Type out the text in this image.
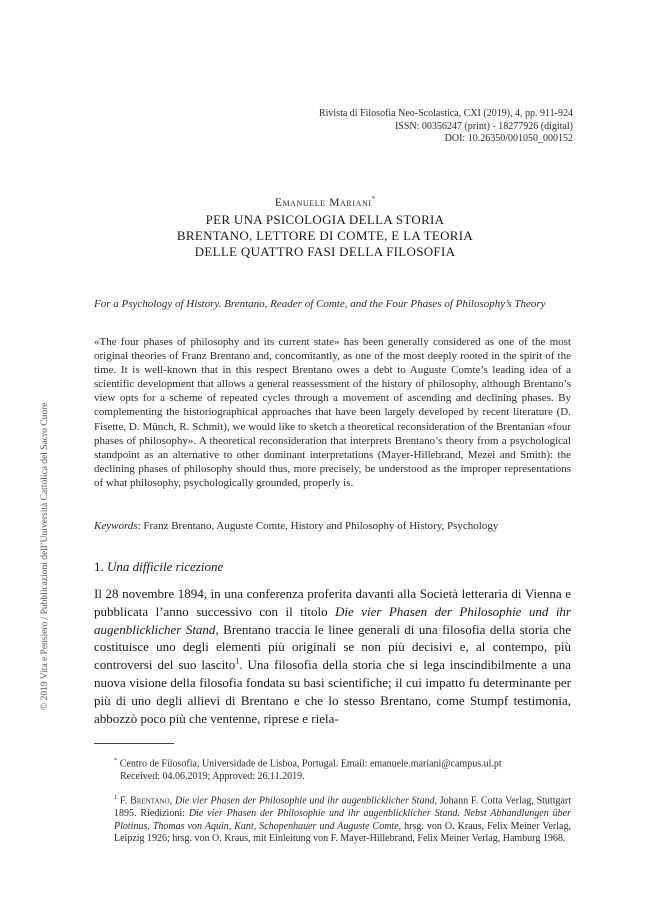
Rivista di Filosofia Neo-Scolastica, CXI (2019), 4, pp. 911-924
ISSN: 00356247 (print) - 18277926 (digital)
DOI: 10.26350/001050_000152
Emanuele Mariani*
PER UNA PSICOLOGIA DELLA STORIA
BRENTANO, LETTORE DI COMTE, E LA TEORIA
DELLE QUATTRO FASI DELLA FILOSOFIA
For a Psychology of History. Brentano, Reader of Comte, and the Four Phases of Philosophy’s Theory
«The four phases of philosophy and its current state» has been generally considered as one of the most original theories of Franz Brentano and, concomitantly, as one of the most deeply rooted in the spirit of the time. It is well-known that in this respect Brentano owes a debt to Auguste Comte’s leading idea of a scientific development that allows a general reassessment of the history of philosophy, although Brentano’s view opts for a scheme of repeated cycles through a movement of ascending and declining phases. By complementing the historiographical approaches that have been largely developed by recent literature (D. Fisette, D. Münch, R. Schmit), we would like to sketch a theoretical reconsideration of the Brentanian «four phases of philosophy». A theoretical reconsideration that interprets Brentano’s theory from a psychological standpoint as an alternative to other dominant interpretations (Mayer-Hillebrand, Mezei and Smith): the declining phases of philosophy should thus, more precisely, be understood as the improper representations of what philosophy, psychologically grounded, properly is.
Keywords: Franz Brentano, Auguste Comte, History and Philosophy of History, Psychology
1. Una difficile ricezione
Il 28 novembre 1894, in una conferenza proferita davanti alla Società letteraria di Vienna e pubblicata l’anno successivo con il titolo Die vier Phasen der Philosophie und ihr augenblicklicher Stand, Brentano traccia le linee generali di una filosofia della storia che costituisce uno degli elementi più originali se non più decisivi e, al contempo, più controversi del suo lascito$^1$. Una filosofia della storia che si lega inscindibilmente a una nuova visione della filosofia fondata su basi scientifiche; il cui impatto fu determinante per più di uno degli allievi di Brentano e che lo stesso Brentano, come Stumpf testimonia, abbozzò poco più che ventenne, riprese e riela-
* Centro de Filosofia, Universidade de Lisboa, Portugal. Email: emanuele.mariani@campus.ul.pt
Received: 04.06.2019; Approved: 26.11.2019.
$^1$ F. Brentano, Die vier Phasen der Philosophie und ihr augenblicklicher Stand, Johann F. Cotta Verlag, Stuttgart 1895. Riedizioni: Die vier Phasen der Philosophie und ihr augenblicklicher Stand. Nebst Abhandlungen über Plotinus, Thomas von Aquin, Kant, Schopenhauer und Auguste Comte, hrsg. von O. Kraus, Felix Meiner Verlag, Leipzig 1926; hrsg. von O. Kraus, mit Einleitung von F. Mayer-Hillebrand, Felix Meiner Verlag, Hamburg 1968.
© 2019 Vita e Pensiero / Pubblicazioni dell’Università Cattolica del Sacro Cuore
